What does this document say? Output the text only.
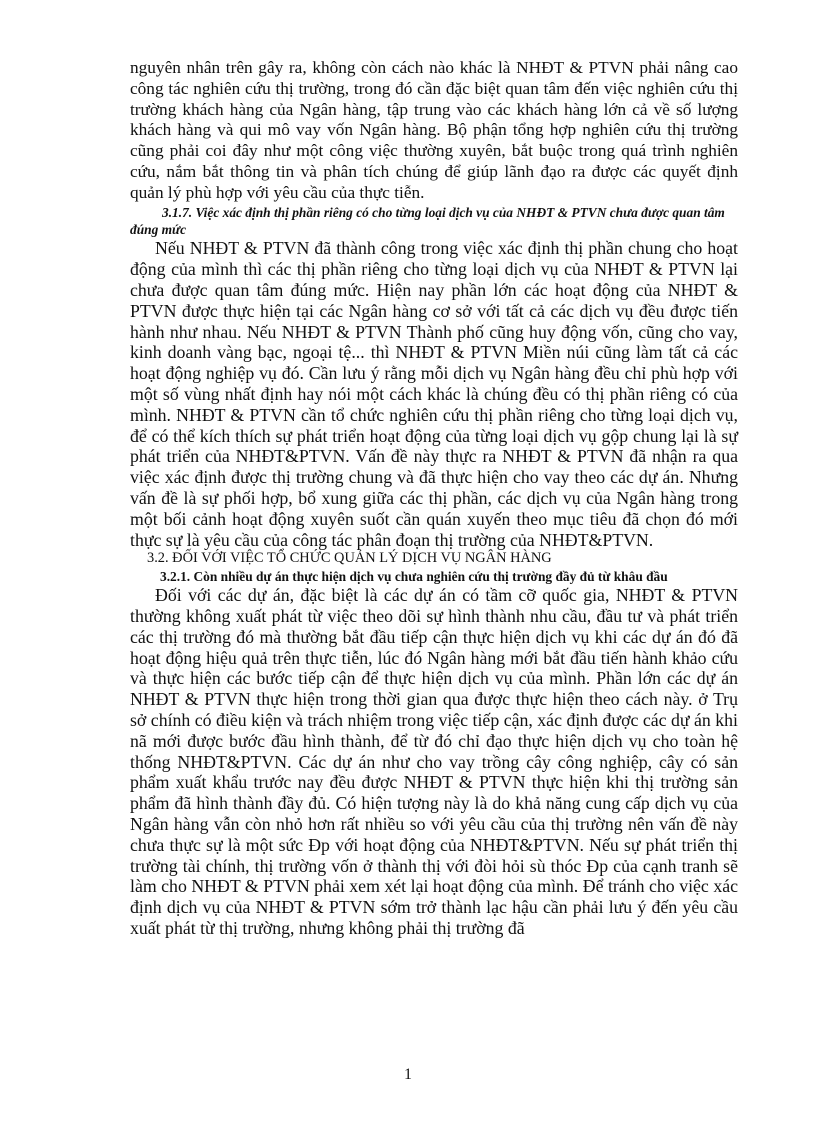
nguyên nhân trên gây ra, không còn cách nào khác là NHĐT & PTVN phải nâng cao công tác nghiên cứu thị trường, trong đó cần đặc biệt quan tâm đến việc nghiên cứu thị trường khách hàng của Ngân hàng, tập trung vào các khách hàng lớn cả về số lượng khách hàng và qui mô vay vốn Ngân hàng. Bộ phận tổng hợp nghiên cứu thị trường cũng phải coi đây như một công việc thường xuyên, bắt buộc trong quá trình nghiên cứu, nắm bắt thông tin và phân tích chúng để giúp lãnh đạo ra được các quyết định quản lý phù hợp với yêu cầu của thực tiễn.

3.1.7. Việc xác định thị phần riêng có cho từng loại dịch vụ của NHĐT & PTVN chưa được quan tâm đúng mức

Nếu NHĐT & PTVN đã thành công trong việc xác định thị phần chung cho hoạt động của mình thì các thị phần riêng cho từng loại dịch vụ của NHĐT & PTVN lại chưa được quan tâm đúng mức. Hiện nay phần lớn các hoạt động của NHĐT & PTVN được thực hiện tại các Ngân hàng cơ sở với tất cả các dịch vụ đều được tiến hành như nhau. Nếu NHĐT & PTVN Thành phố cũng huy động vốn, cũng cho vay, kinh doanh vàng bạc, ngoại tệ... thì NHĐT & PTVN Miền núi cũng làm tất cả các hoạt động nghiệp vụ đó. Cần lưu ý rằng mỗi dịch vụ Ngân hàng đều chỉ phù hợp với một số vùng nhất định hay nói một cách khác là chúng đều có thị phần riêng có của mình. NHĐT & PTVN cần tổ chức nghiên cứu thị phần riêng cho từng loại dịch vụ, để có thể kích thích sự phát triển hoạt động của từng loại dịch vụ gộp chung lại là sự phát triển của NHĐT&PTVN. Vấn đề này thực ra NHĐT & PTVN đã nhận ra qua việc xác định được thị trường chung và đã thực hiện cho vay theo các dự án. Nhưng vấn đề là sự phối hợp, bổ xung giữa các thị phần, các dịch vụ của Ngân hàng trong một bối cảnh hoạt động xuyên suốt cần quán xuyến theo mục tiêu đã chọn đó mới thực sự là yêu cầu của công tác phân đoạn thị trường của NHĐT&PTVN.

3.2. ĐỐI VỚI VIỆC TỔ CHỨC QUẢN LÝ DỊCH VỤ NGÂN HÀNG

3.2.1. Còn nhiều dự án thực hiện dịch vụ chưa nghiên cứu thị trường đầy đủ từ khâu đầu

Đối với các dự án, đặc biệt là các dự án có tầm cỡ quốc gia, NHĐT & PTVN thường không xuất phát từ việc theo dõi sự hình thành nhu cầu, đầu tư và phát triển các thị trường đó mà thường bắt đầu tiếp cận thực hiện dịch vụ khi các dự án đó đã hoạt động hiệu quả trên thực tiễn, lúc đó Ngân hàng mới bắt đầu tiến hành khảo cứu và thực hiện các bước tiếp cận để thực hiện dịch vụ của mình. Phần lớn các dự án NHĐT & PTVN thực hiện trong thời gian qua được thực hiện theo cách này. ở Trụ sở chính có điều kiện và trách nhiệm trong việc tiếp cận, xác định được các dự án khi nã mới được bước đầu hình thành, để từ đó chỉ đạo thực hiện dịch vụ cho toàn hệ thống NHĐT&PTVN. Các dự án như cho vay trồng cây công nghiệp, cây có sản phẩm xuất khẩu trước nay đều được NHĐT & PTVN thực hiện khi thị trường sản phẩm đã hình thành đầy đủ. Có hiện tượng này là do khả năng cung cấp dịch vụ của Ngân hàng vẫn còn nhỏ hơn rất nhiều so với yêu cầu của thị trường nên vấn đề này chưa thực sự là một sức Ðp với hoạt động của NHĐT&PTVN. Nếu sự phát triển thị trường tài chính, thị trường vốn ở thành thị với đòi hỏi sù thóc Ðp của cạnh tranh sẽ làm cho NHĐT & PTVN phải xem xét lại hoạt động của mình. Để tránh cho việc xác định dịch vụ của NHĐT & PTVN sớm trở thành lạc hậu cần phải lưu ý đến yêu cầu xuất phát từ thị trường, nhưng không phải thị trường đã

1
